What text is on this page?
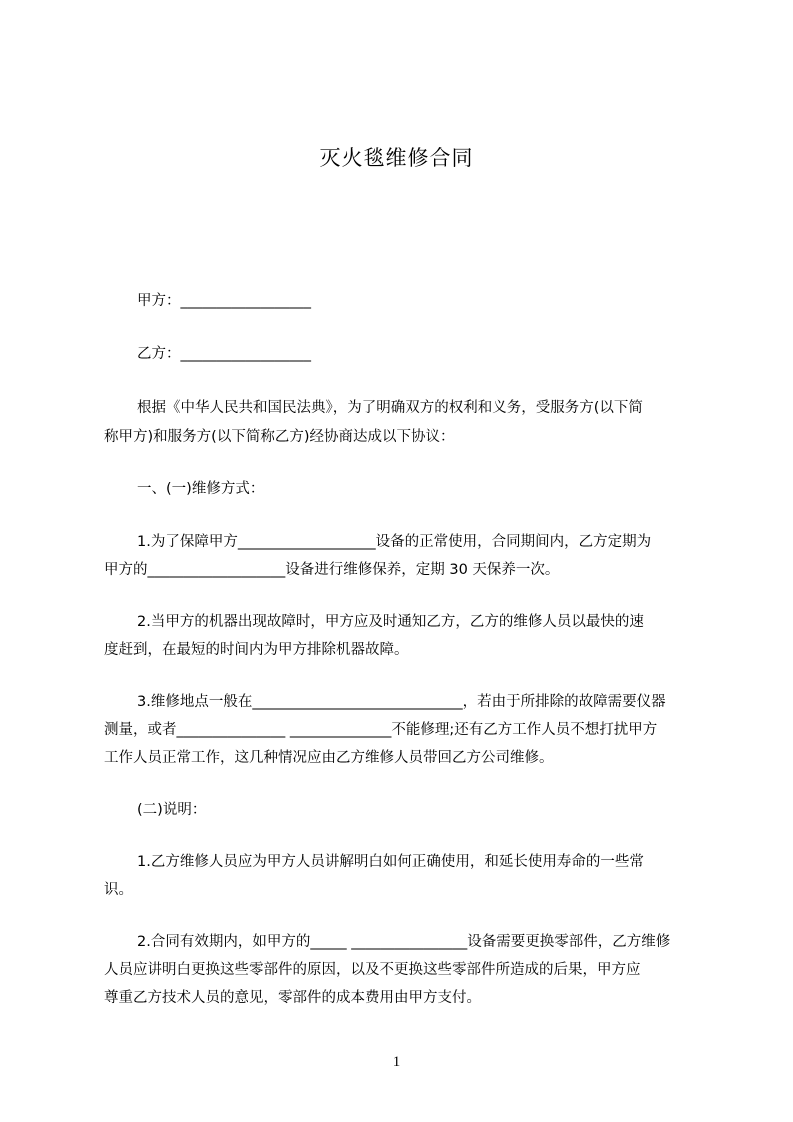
灭火毯维修合同
甲方：__________________
乙方：__________________
根据《中华人民共和国民法典》，为了明确双方的权利和义务，受服务方(以下简
称甲方)和服务方(以下简称乙方)经协商达成以下协议：
一、(一)维修方式：
1.为了保障甲方___________________设备的正常使用，合同期间内，乙方定期为
甲方的___________________设备进行维修保养，定期 30 天保养一次。
2.当甲方的机器出现故障时，甲方应及时通知乙方，乙方的维修人员以最快的速
度赶到，在最短的时间内为甲方排除机器故障。
3.维修地点一般在_____________________________，若由于所排除的故障需要仪器
测量，或者_______________ ______________不能修理;还有乙方工作人员不想打扰甲方
工作人员正常工作，这几种情况应由乙方维修人员带回乙方公司维修。
(二)说明：
1.乙方维修人员应为甲方人员讲解明白如何正确使用，和延长使用寿命的一些常
识。
2.合同有效期内，如甲方的_____ ________________设备需要更换零部件，乙方维修
人员应讲明白更换这些零部件的原因，以及不更换这些零部件所造成的后果，甲方应
尊重乙方技术人员的意见，零部件的成本费用由甲方支付。
1
